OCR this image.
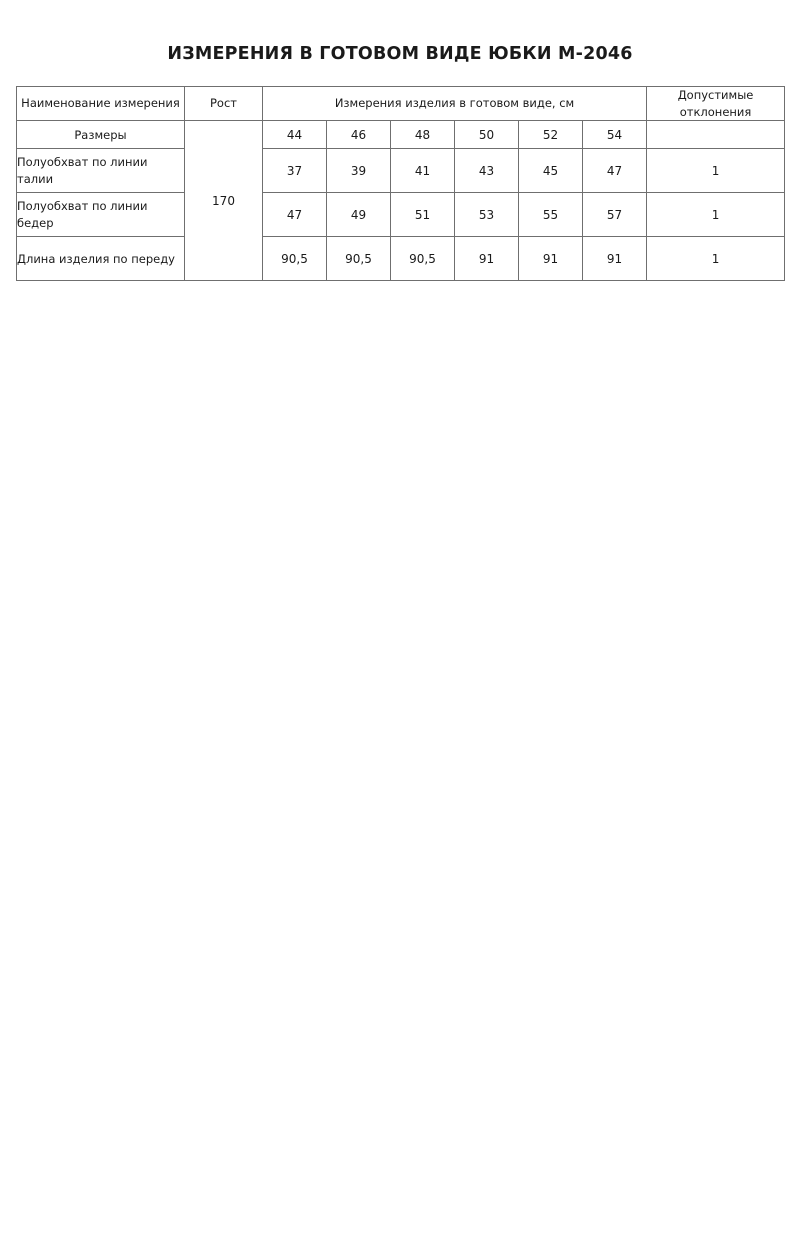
ИЗМЕРЕНИЯ В ГОТОВОМ ВИДЕ ЮБКИ М-2046
Наименование измерения	Рост	Измерения изделия в готовом виде, см						Допустимые отклонения
Размеры	170	44	46	48	50	52	54	
Полуобхват по линии талии		37	39	41	43	45	47	1
Полуобхват по линии бедер		47	49	51	53	55	57	1
Длина изделия по переду		90,5	90,5	90,5	91	91	91	1
